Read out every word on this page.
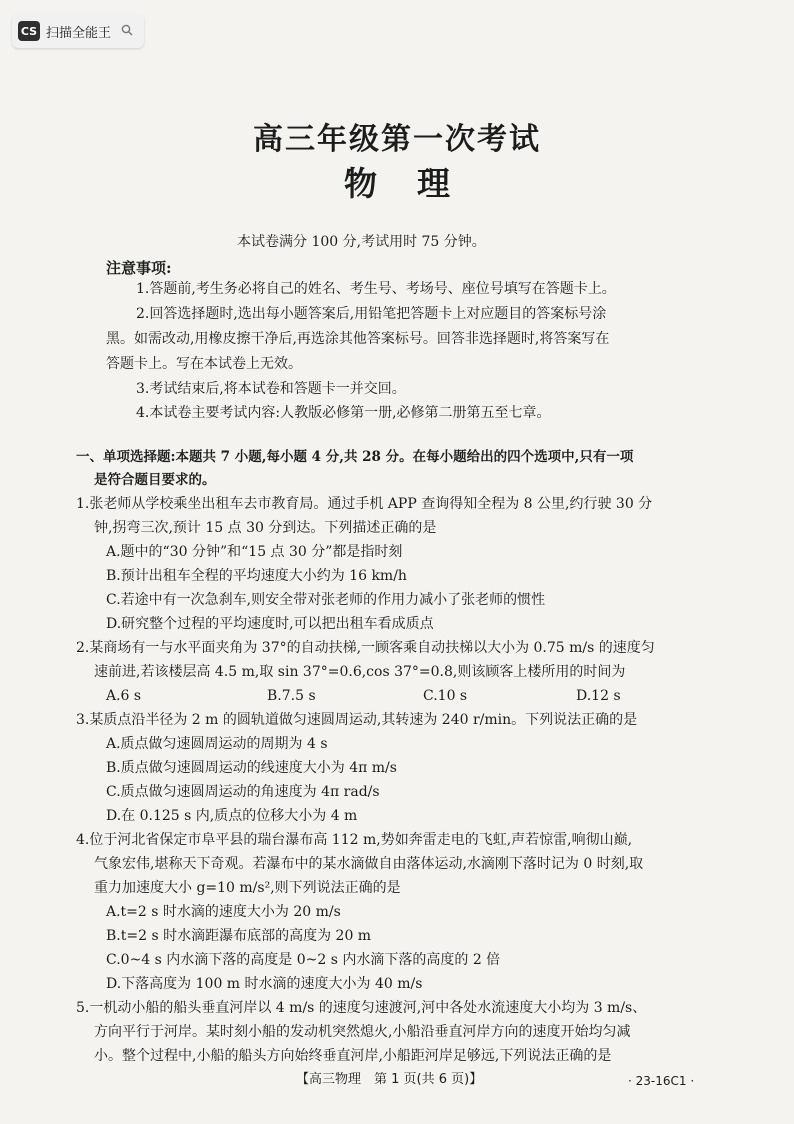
CS 扫描全能王
高三年级第一次考试
物理
本试卷满分 100 分,考试用时 75 分钟。
注意事项:
1.答题前,考生务必将自己的姓名、考生号、考场号、座位号填写在答题卡上。
2.回答选择题时,选出每小题答案后,用铅笔把答题卡上对应题目的答案标号涂
黑。如需改动,用橡皮擦干净后,再选涂其他答案标号。回答非选择题时,将答案写在
答题卡上。写在本试卷上无效。
3.考试结束后,将本试卷和答题卡一并交回。
4.本试卷主要考试内容:人教版必修第一册,必修第二册第五至七章。
一、单项选择题:本题共 7 小题,每小题 4 分,共 28 分。在每小题给出的四个选项中,只有一项
是符合题目要求的。
1.张老师从学校乘坐出租车去市教育局。通过手机 APP 查询得知全程为 8 公里,约行驶 30 分
钟,拐弯三次,预计 15 点 30 分到达。下列描述正确的是
A.题中的“30 分钟”和“15 点 30 分”都是指时刻
B.预计出租车全程的平均速度大小约为 16 km/h
C.若途中有一次急刹车,则安全带对张老师的作用力减小了张老师的惯性
D.研究整个过程的平均速度时,可以把出租车看成质点
2.某商场有一与水平面夹角为 37°的自动扶梯,一顾客乘自动扶梯以大小为 0.75 m/s 的速度匀
速前进,若该楼层高 4.5 m,取 sin 37°=0.6,cos 37°=0.8,则该顾客上楼所用的时间为
A.6 s	B.7.5 s	C.10 s	D.12 s
3.某质点沿半径为 2 m 的圆轨道做匀速圆周运动,其转速为 240 r/min。下列说法正确的是
A.质点做匀速圆周运动的周期为 4 s
B.质点做匀速圆周运动的线速度大小为 4π m/s
C.质点做匀速圆周运动的角速度为 4π rad/s
D.在 0.125 s 内,质点的位移大小为 4 m
4.位于河北省保定市阜平县的瑞台瀑布高 112 m,势如奔雷走电的飞虹,声若惊雷,响彻山巅,
气象宏伟,堪称天下奇观。若瀑布中的某水滴做自由落体运动,水滴刚下落时记为 0 时刻,取
重力加速度大小 g=10 m/s²,则下列说法正确的是
A.t=2 s 时水滴的速度大小为 20 m/s
B.t=2 s 时水滴距瀑布底部的高度为 20 m
C.0~4 s 内水滴下落的高度是 0~2 s 内水滴下落的高度的 2 倍
D.下落高度为 100 m 时水滴的速度大小为 40 m/s
5.一机动小船的船头垂直河岸以 4 m/s 的速度匀速渡河,河中各处水流速度大小均为 3 m/s、
方向平行于河岸。某时刻小船的发动机突然熄火,小船沿垂直河岸方向的速度开始均匀减
小。整个过程中,小船的船头方向始终垂直河岸,小船距河岸足够远,下列说法正确的是
【高三物理　第 1 页(共 6 页)】	· 23-16C1 ·
